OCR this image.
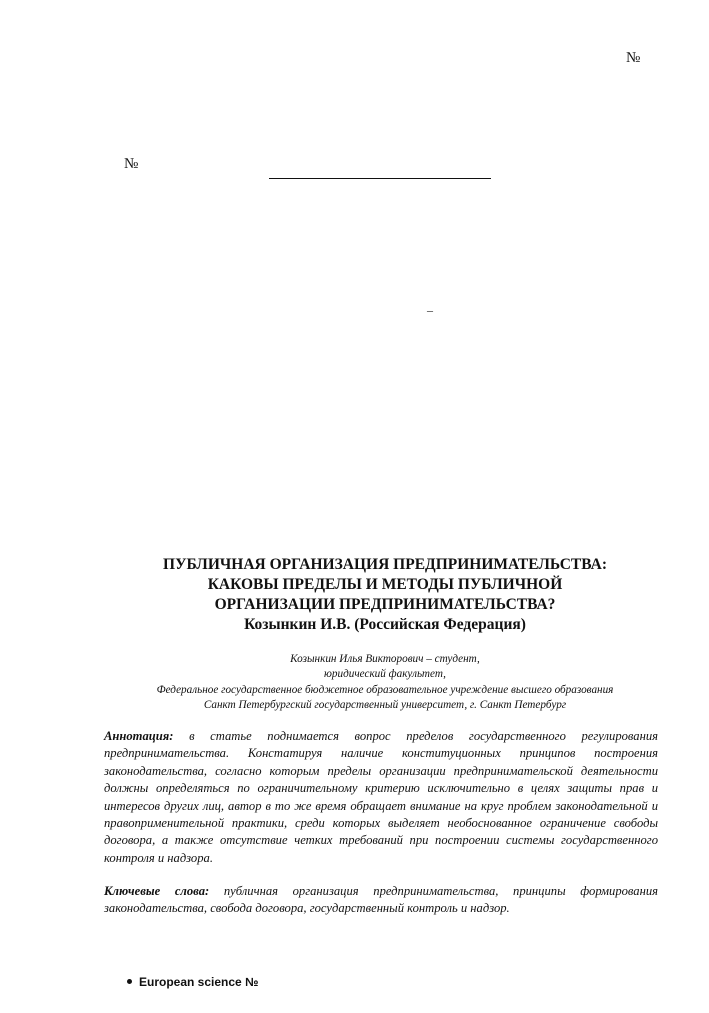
№
№
–
ПУБЛИЧНАЯ ОРГАНИЗАЦИЯ ПРЕДПРИНИМАТЕЛЬСТВА:
КАКОВЫ ПРЕДЕЛЫ И МЕТОДЫ ПУБЛИЧНОЙ
ОРГАНИЗАЦИИ ПРЕДПРИНИМАТЕЛЬСТВА?
Козынкин И.В. (Российская Федерация)
Козынкин Илья Викторович – студент,
юридический факультет,
Федеральное государственное бюджетное образовательное учреждение высшего образования
Санкт Петербургский государственный университет, г. Санкт Петербург

Аннотация: в статье поднимается вопрос пределов государственного регулирования предпринимательства. Констатируя наличие конституционных принципов построения законодательства, согласно которым пределы организации предпринимательской деятельности должны определяться по ограничительному критерию исключительно в целях защиты прав и интересов других лиц, автор в то же время обращает внимание на круг проблем законодательной и правоприменительной практики, среди которых выделяет необоснованное ограничение свободы договора, а также отсутствие четких требований при построении системы государственного контроля и надзора.

Ключевые слова: публичная организация предпринимательства, принципы формирования законодательства, свобода договора, государственный контроль и надзор.

European science №
